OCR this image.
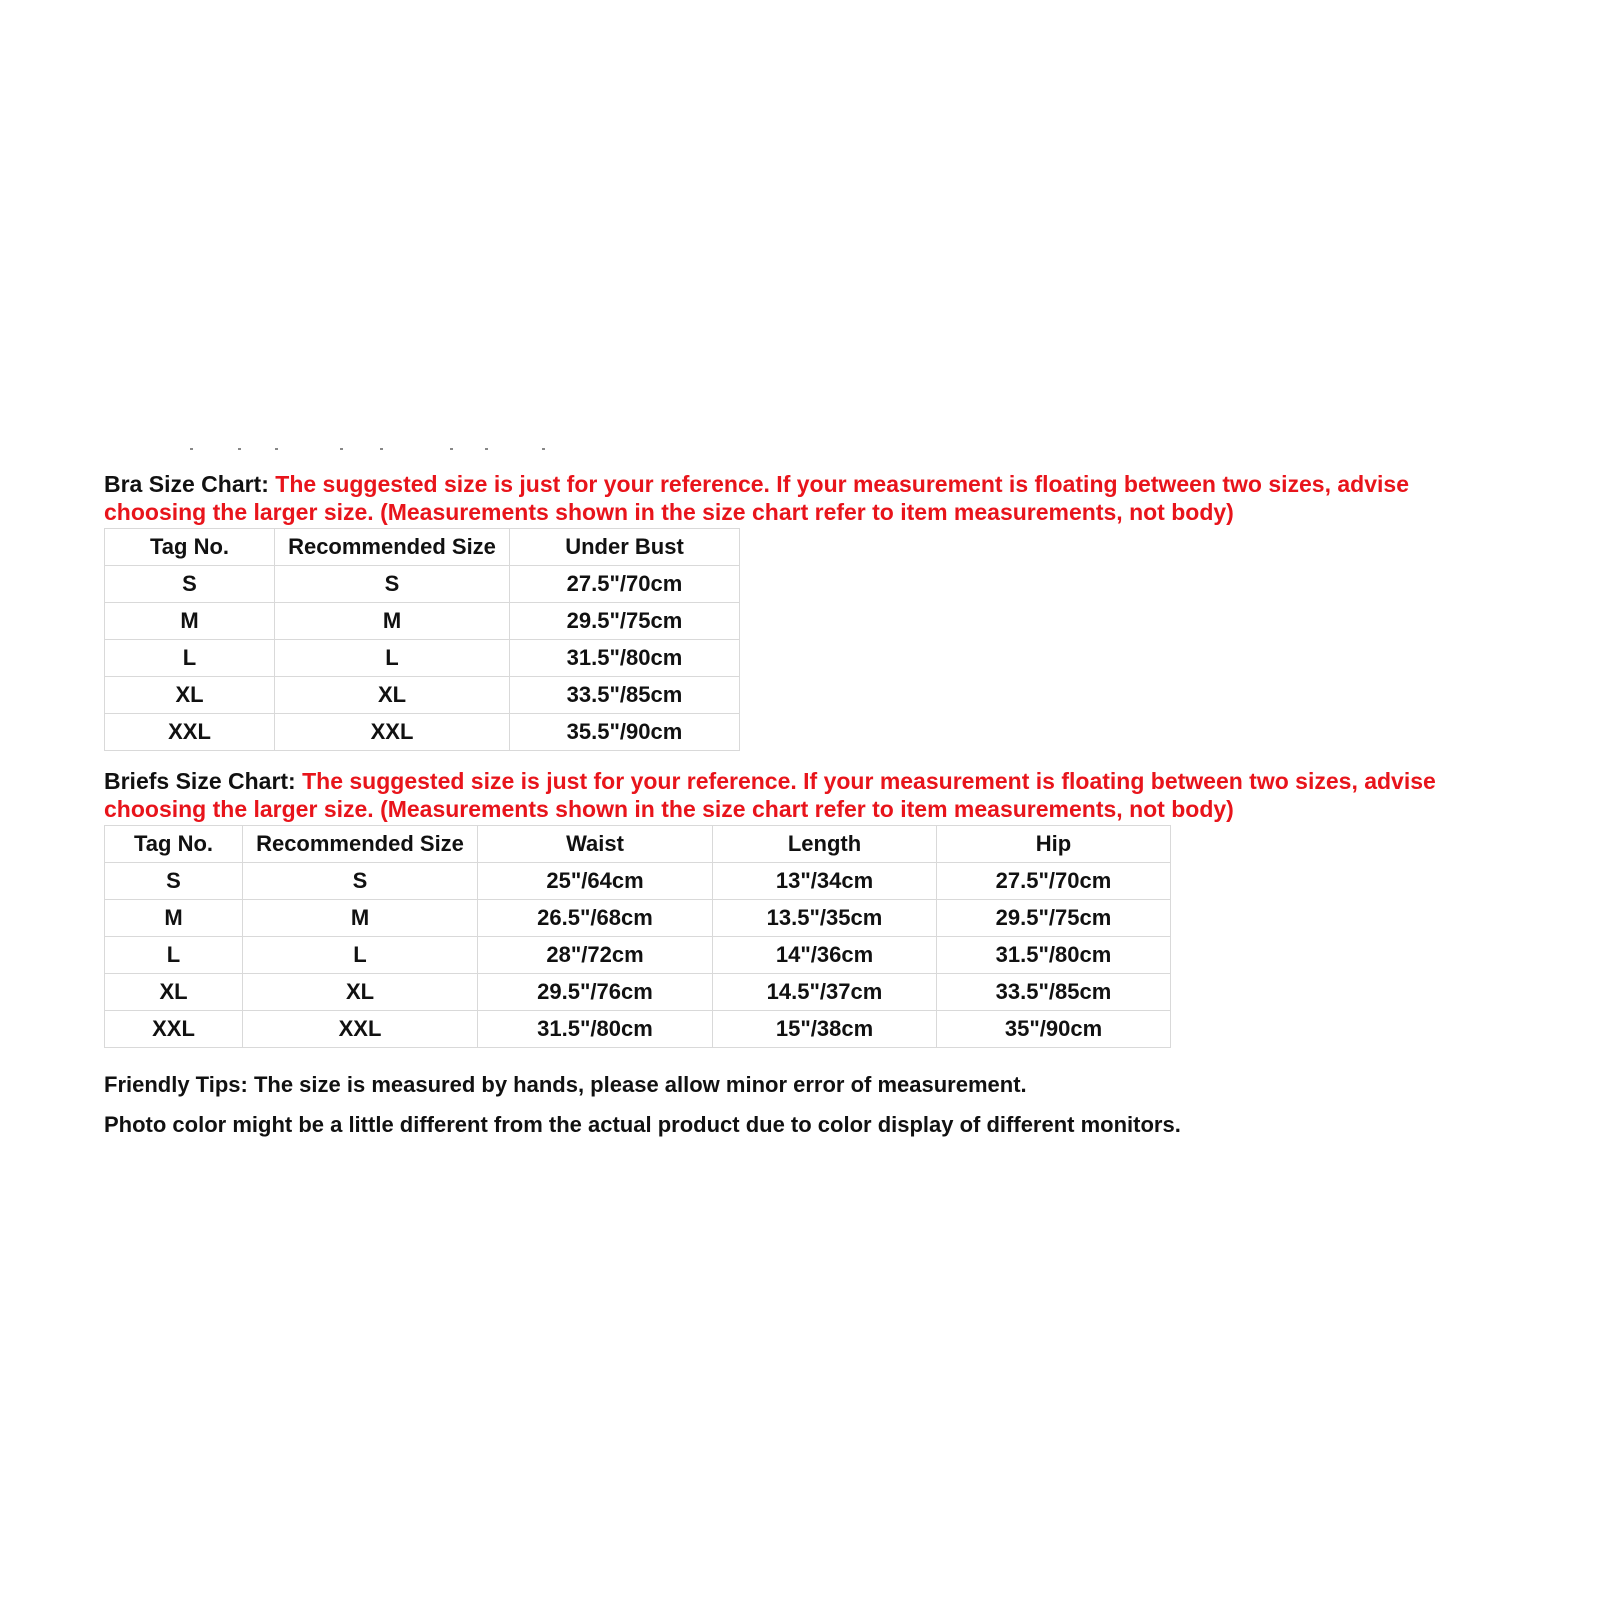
Bra Size Chart: The suggested size is just for your reference. If your measurement is floating between two sizes, advise choosing the larger size. (Measurements shown in the size chart refer to item measurements, not body)

Tag No.	Recommended Size	Under Bust
S	S	27.5"/70cm
M	M	29.5"/75cm
L	L	31.5"/80cm
XL	XL	33.5"/85cm
XXL	XXL	35.5"/90cm

Briefs Size Chart: The suggested size is just for your reference. If your measurement is floating between two sizes, advise choosing the larger size. (Measurements shown in the size chart refer to item measurements, not body)

Tag No.	Recommended Size	Waist	Length	Hip
S	S	25"/64cm	13"/34cm	27.5"/70cm
M	M	26.5"/68cm	13.5"/35cm	29.5"/75cm
L	L	28"/72cm	14"/36cm	31.5"/80cm
XL	XL	29.5"/76cm	14.5"/37cm	33.5"/85cm
XXL	XXL	31.5"/80cm	15"/38cm	35"/90cm

Friendly Tips: The size is measured by hands, please allow minor error of measurement.

Photo color might be a little different from the actual product due to color display of different monitors.
